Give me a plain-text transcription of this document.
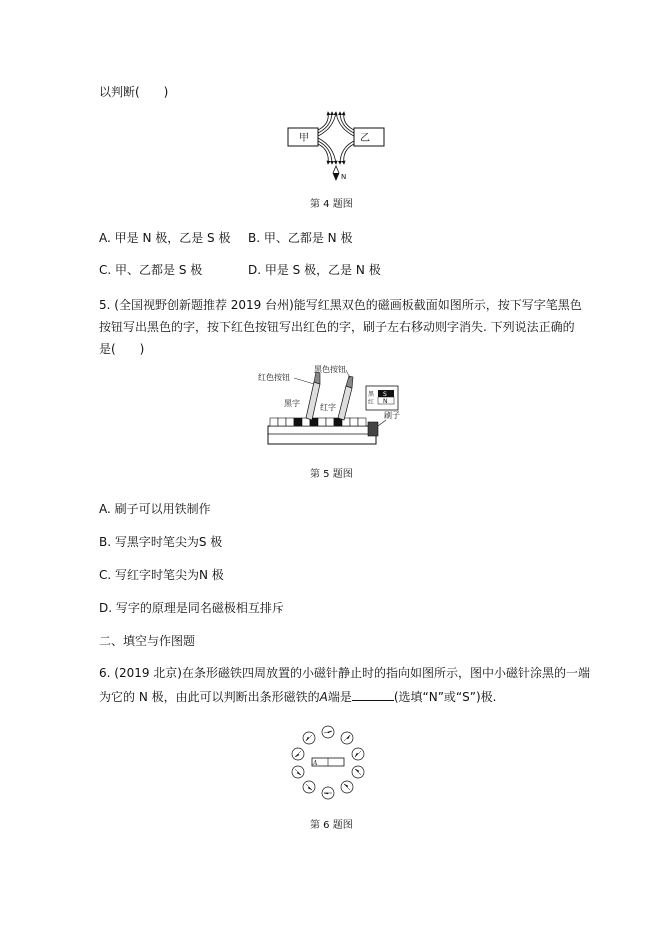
以判断(　　)
甲	乙
N
第 4 题图
A. 甲是 N 极，乙是 S 极 B. 甲、乙都是 N 极
C. 甲、乙都是 S 极	D. 甲是 S 极，乙是 N 极
5. (全国视野创新题推荐 2019 台州)能写红黑双色的磁画板截面如图所示，按下写字笔黑色
按钮写出黑色的字，按下红色按钮写出红色的字，刷子左右移动则字消失. 下列说法正确的
是(　　)
刷子
红色按钮
黑色按钮
黑字	红字
黑
红
S
N
第 5 题图
A. 刷子可以用铁制作
B. 写黑字时笔尖为S 极
C. 写红字时笔尖为N 极
D. 写字的原理是同名磁极相互排斥
二、填空与作图题
6. (2019 北京)在条形磁铁四周放置的小磁针静止时的指向如图所示，图中小磁针涂黑的一端
为它的 N 极，由此可以判断出条形磁铁的A端是	(选填“N”或“S”)极.
A
第 6 题图
